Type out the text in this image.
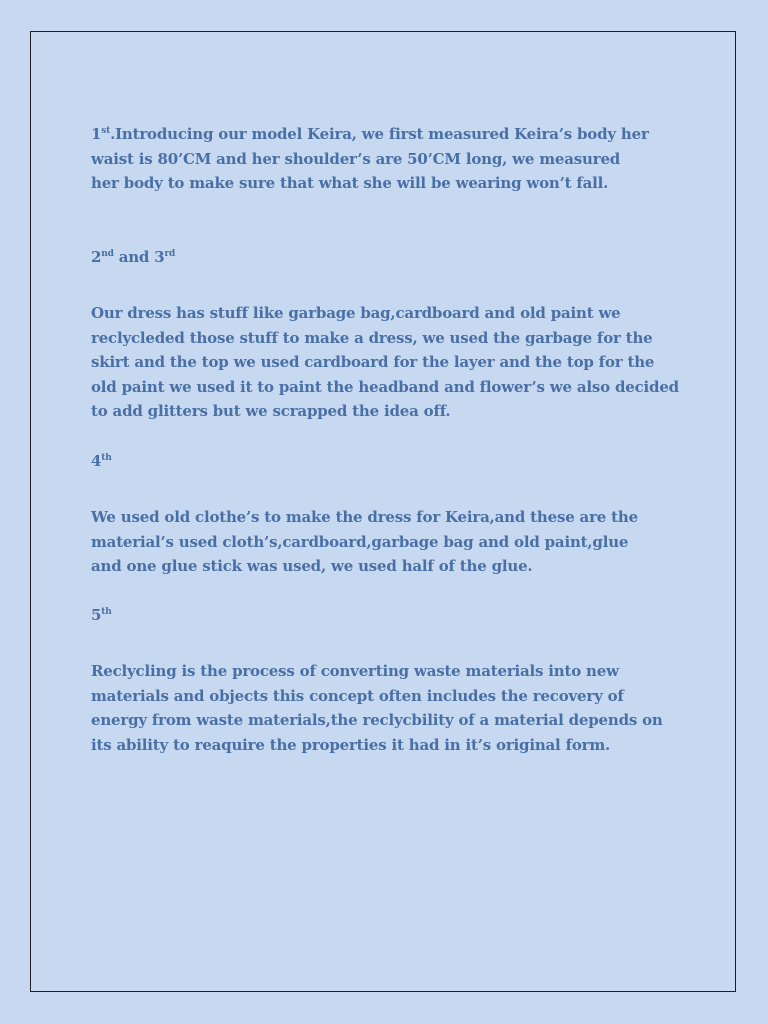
1st.Introducing our model Keira, we first measured Keira’s body her waist is 80’CM and her shoulder’s are 50’CM long, we measured her body to make sure that what she will be wearing won’t fall.

2nd and 3rd

Our dress has stuff like garbage bag,cardboard and old paint we reclycleded those stuff to make a dress, we used the garbage for the skirt and the top we used cardboard for the layer and the top for the old paint we used it to paint the headband and flower’s we also decided to add glitters but we scrapped the idea off.

4th

We used old clothe’s to make the dress for Keira,and these are the material’s used cloth’s,cardboard,garbage bag and old paint,glue and one glue stick was used, we used half of the glue.

5th

Reclycling is the process of converting waste materials into new materials and objects this concept often includes the recovery of energy from waste materials,the reclycbility of a material depends on its ability to reaquire the properties it had in it’s original form.
